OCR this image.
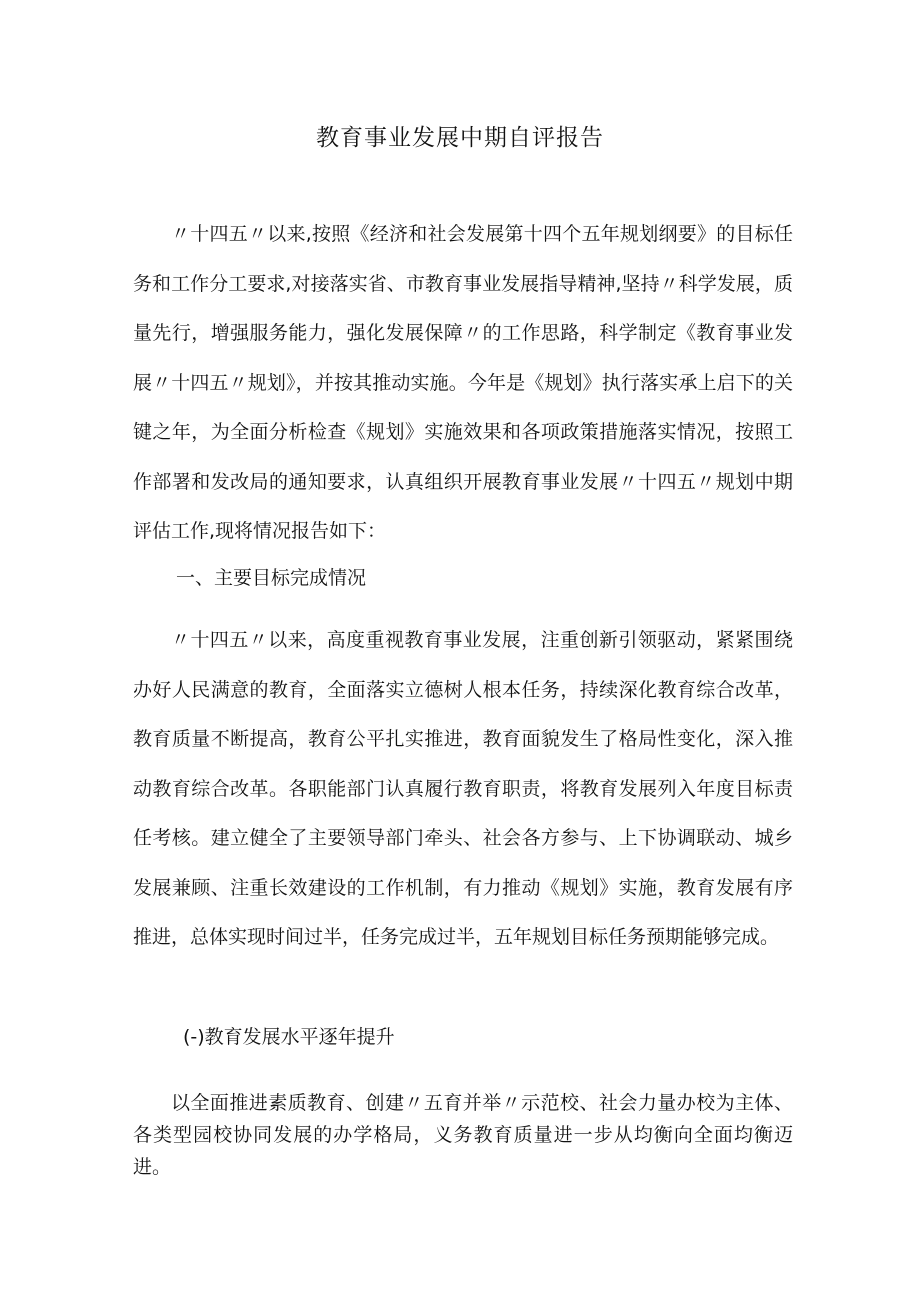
教育事业发展中期自评报告

〃十四五〃以来,按照《经济和社会发展第十四个五年规划纲要》的目标任务和工作分工要求,对接落实省、市教育事业发展指导精神,坚持〃科学发展，质量先行，增强服务能力，强化发展保障〃的工作思路，科学制定《教育事业发展〃十四五〃规划》，并按其推动实施。今年是《规划》执行落实承上启下的关键之年，为全面分析检查《规划》实施效果和各项政策措施落实情况，按照工作部署和发改局的通知要求，认真组织开展教育事业发展〃十四五〃规划中期评估工作,现将情况报告如下：

一、主要目标完成情况

〃十四五〃以来，高度重视教育事业发展，注重创新引领驱动，紧紧围绕办好人民满意的教育，全面落实立德树人根本任务，持续深化教育综合改革，教育质量不断提高，教育公平扎实推进，教育面貌发生了格局性变化，深入推动教育综合改革。各职能部门认真履行教育职责，将教育发展列入年度目标责任考核。建立健全了主要领导部门牵头、社会各方参与、上下协调联动、城乡发展兼顾、注重长效建设的工作机制，有力推动《规划》实施，教育发展有序推进，总体实现时间过半，任务完成过半，五年规划目标任务预期能够完成。

(-)教育发展水平逐年提升

以全面推进素质教育、创建〃五育并举〃示范校、社会力量办校为主体、各类型园校协同发展的办学格局，义务教育质量进一步从均衡向全面均衡迈进。
